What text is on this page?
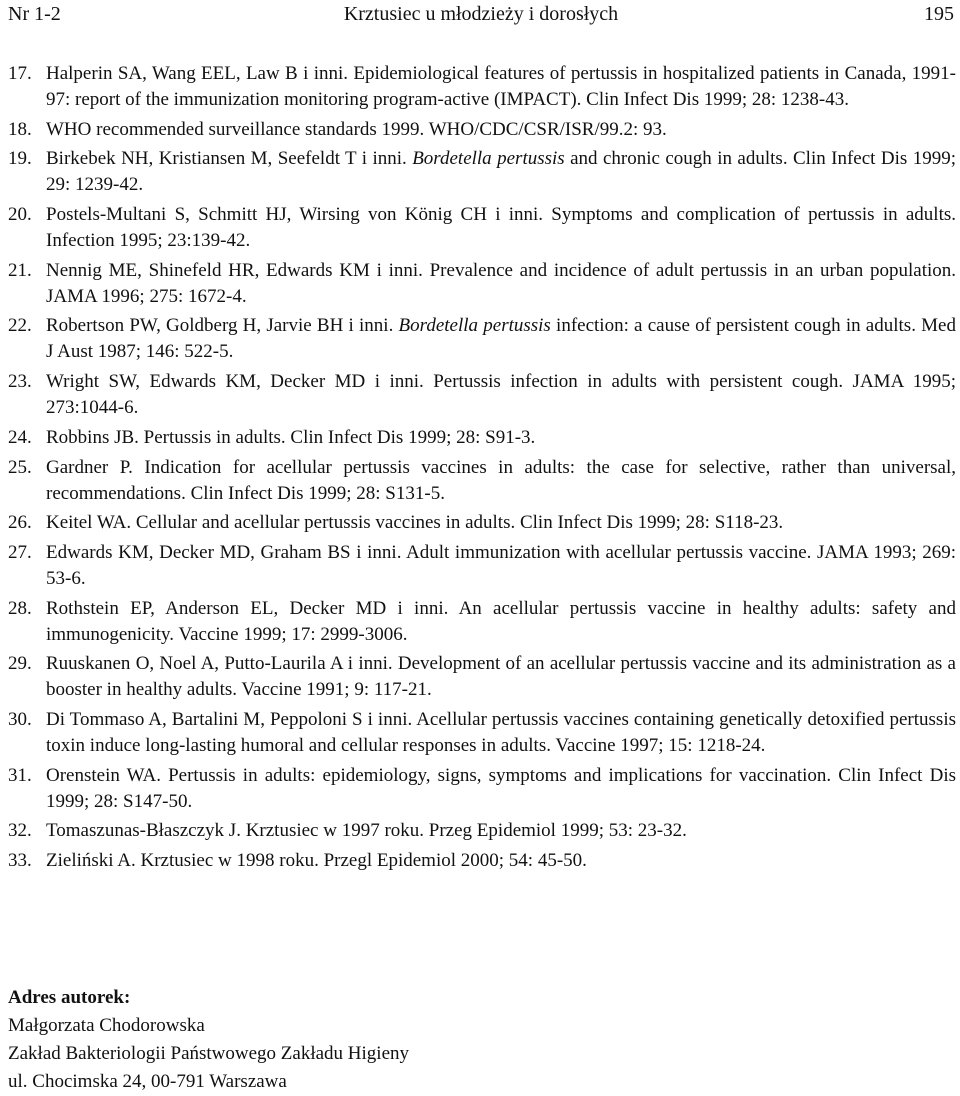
Nr 1-2	Krztusiec u młodzieży i dorosłych	195
17. Halperin SA, Wang EEL, Law B i inni. Epidemiological features of pertussis in hospitalized patients in Canada, 1991-97: report of the immunization monitoring program-active (IMPACT). Clin Infect Dis 1999; 28: 1238-43.
18. WHO recommended surveillance standards 1999. WHO/CDC/CSR/ISR/99.2: 93.
19. Birkebek NH, Kristiansen M, Seefeldt T i inni. Bordetella pertussis and chronic cough in adults. Clin Infect Dis 1999; 29: 1239-42.
20. Postels-Multani S, Schmitt HJ, Wirsing von König CH i inni. Symptoms and complication of pertussis in adults. Infection 1995; 23:139-42.
21. Nennig ME, Shinefeld HR, Edwards KM i inni. Prevalence and incidence of adult pertussis in an urban population. JAMA 1996; 275: 1672-4.
22. Robertson PW, Goldberg H, Jarvie BH i inni. Bordetella pertussis infection: a cause of persistent cough in adults. Med J Aust 1987; 146: 522-5.
23. Wright SW, Edwards KM, Decker MD i inni. Pertussis infection in adults with persistent cough. JAMA 1995; 273:1044-6.
24. Robbins JB. Pertussis in adults. Clin Infect Dis 1999; 28: S91-3.
25. Gardner P. Indication for acellular pertussis vaccines in adults: the case for selective, rather than universal, recommendations. Clin Infect Dis 1999; 28: S131-5.
26. Keitel WA. Cellular and acellular pertussis vaccines in adults. Clin Infect Dis 1999; 28: S118-23.
27. Edwards KM, Decker MD, Graham BS i inni. Adult immunization with acellular pertussis vaccine. JAMA 1993; 269: 53-6.
28. Rothstein EP, Anderson EL, Decker MD i inni. An acellular pertussis vaccine in healthy adults: safety and immunogenicity. Vaccine 1999; 17: 2999-3006.
29. Ruuskanen O, Noel A, Putto-Laurila A i inni. Development of an acellular pertussis vaccine and its administration as a booster in healthy adults. Vaccine 1991; 9: 117-21.
30. Di Tommaso A, Bartalini M, Peppoloni S i inni. Acellular pertussis vaccines containing genetically detoxified pertussis toxin induce long-lasting humoral and cellular responses in adults. Vaccine 1997; 15: 1218-24.
31. Orenstein WA. Pertussis in adults: epidemiology, signs, symptoms and implications for vaccination. Clin Infect Dis 1999; 28: S147-50.
32. Tomaszunas-Błaszczyk J. Krztusiec w 1997 roku. Przeg Epidemiol 1999; 53: 23-32.
33. Zieliński A. Krztusiec w 1998 roku. Przegl Epidemiol 2000; 54: 45-50.
Adres autorek:
Małgorzata Chodorowska
Zakład Bakteriologii Państwowego Zakładu Higieny
ul. Chocimska 24, 00-791 Warszawa
